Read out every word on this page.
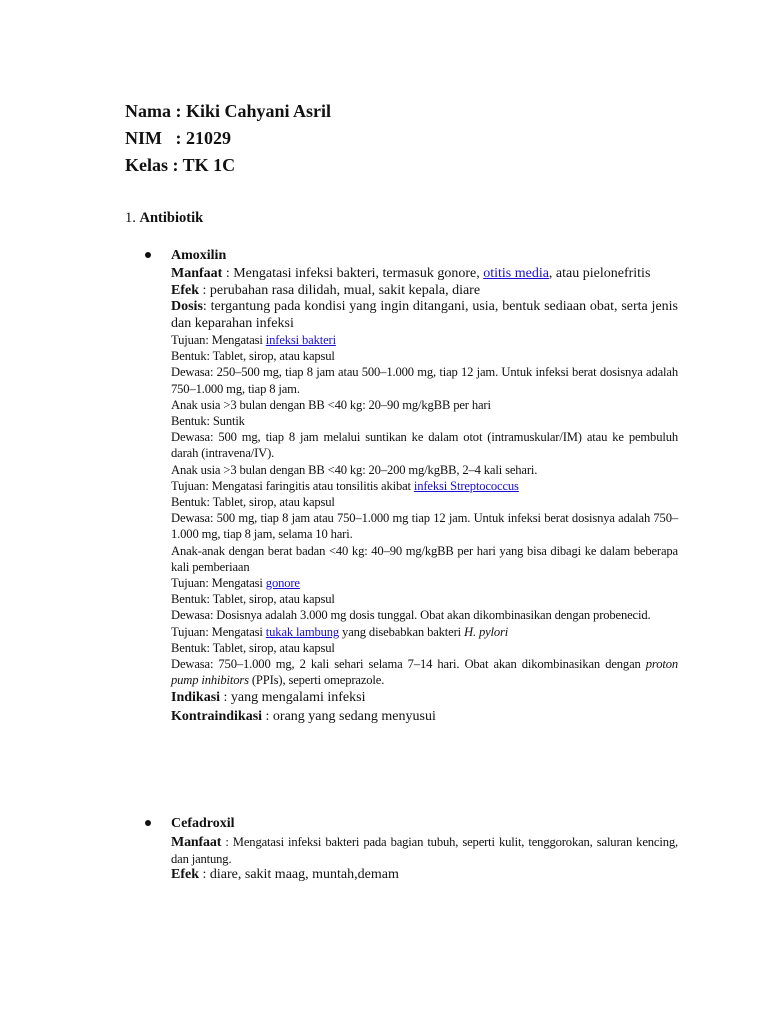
Nama : Kiki Cahyani Asril
NIM   : 21029
Kelas : TK 1C
1. Antibiotik
Amoxilin

Manfaat : Mengatasi infeksi bakteri, termasuk gonore, otitis media, atau pielonefritis

Efek : perubahan rasa dilidah, mual, sakit kepala, diare

Dosis: tergantung pada kondisi yang ingin ditangani, usia, bentuk sediaan obat, serta jenis dan keparahan infeksi

Tujuan: Mengatasi infeksi bakteri

Bentuk: Tablet, sirop, atau kapsul

Dewasa: 250–500 mg, tiap 8 jam atau 500–1.000 mg, tiap 12 jam. Untuk infeksi berat dosisnya adalah 750–1.000 mg, tiap 8 jam.

Anak usia >3 bulan dengan BB <40 kg: 20–90 mg/kgBB per hari

Bentuk: Suntik

Dewasa: 500 mg, tiap 8 jam melalui suntikan ke dalam otot (intramuskular/IM) atau ke pembuluh darah (intravena/IV).

Anak usia >3 bulan dengan BB <40 kg: 20–200 mg/kgBB, 2–4 kali sehari.

Tujuan: Mengatasi faringitis atau tonsilitis akibat infeksi Streptococcus

Bentuk: Tablet, sirop, atau kapsul

Dewasa: 500 mg, tiap 8 jam atau 750–1.000 mg tiap 12 jam. Untuk infeksi berat dosisnya adalah 750–1.000 mg, tiap 8 jam, selama 10 hari.

Anak-anak dengan berat badan <40 kg: 40–90 mg/kgBB per hari yang bisa dibagi ke dalam beberapa kali pemberiaan

Tujuan: Mengatasi gonore

Bentuk: Tablet, sirop, atau kapsul

Dewasa: Dosisnya adalah 3.000 mg dosis tunggal. Obat akan dikombinasikan dengan probenecid.

Tujuan: Mengatasi tukak lambung yang disebabkan bakteri H. pylori

Bentuk: Tablet, sirop, atau kapsul

Dewasa: 750–1.000 mg, 2 kali sehari selama 7–14 hari. Obat akan dikombinasikan dengan proton pump inhibitors (PPIs), seperti omeprazole.

Indikasi : yang mengalami infeksi

Kontraindikasi : orang yang sedang menyusui

Cefadroxil

Manfaat : Mengatasi infeksi bakteri pada bagian tubuh, seperti kulit, tenggorokan, saluran kencing, dan jantung.

Efek : diare, sakit maag, muntah,demam
